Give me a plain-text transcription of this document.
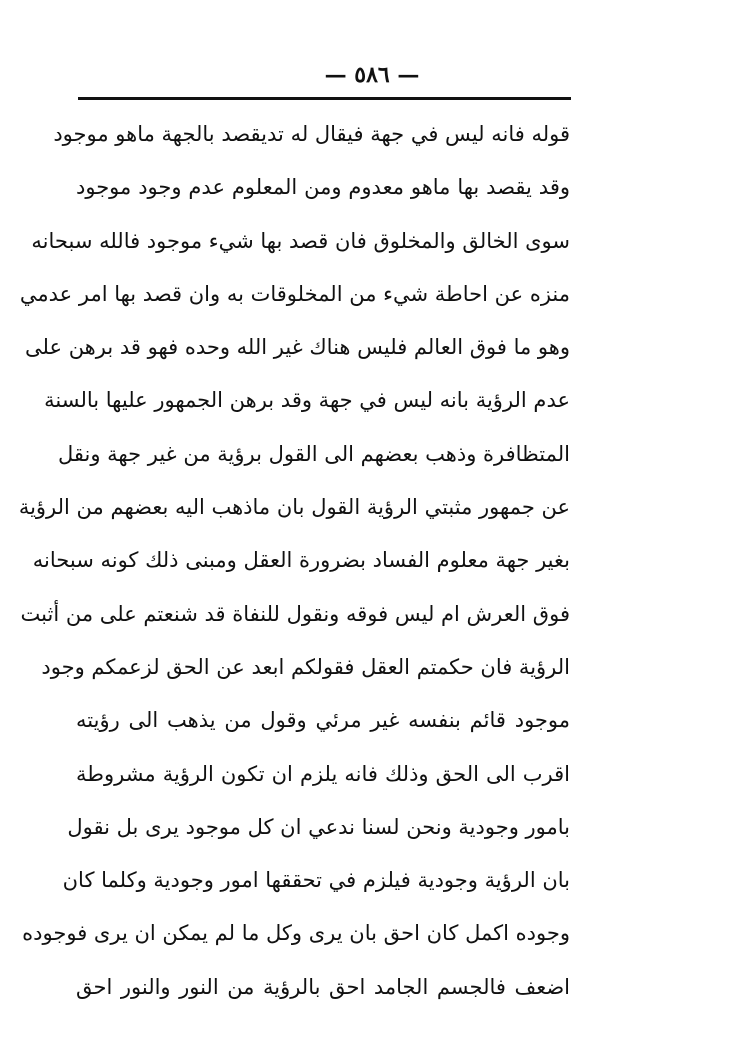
— ٥٨٦ —
قوله فانه ليس في جهة فيقال له تديقصد بالجهة ماهو موجود
وقد يقصد بها ماهو معدوم ومن المعلوم عدم وجود موجود
سوى الخالق والمخلوق فان قصد بها شيء موجود فالله سبحانه
منزه عن احاطة شيء من المخلوقات به وان قصد بها امر عدمي
وهو ما فوق العالم فليس هناك غير الله وحده فهو قد برهن على
عدم الرؤية بانه ليس في جهة وقد برهن الجمهور عليها بالسنة
المتظافرة وذهب بعضهم الى القول برؤية من غير جهة ونقل
عن جمهور مثبتي الرؤية القول بان ماذهب اليه بعضهم من الرؤية
بغير جهة معلوم الفساد بضرورة العقل ومبنى ذلك كونه سبحانه
فوق العرش ام ليس فوقه ونقول للنفاة قد شنعتم على من أثبت
الرؤية فان حكمتم العقل فقولكم ابعد عن الحق لزعمكم وجود
موجود قائم بنفسه غير مرئي وقول من يذهب الى رؤيته
اقرب الى الحق وذلك فانه يلزم ان تكون الرؤية مشروطة
بامور وجودية ونحن لسنا ندعي ان كل موجود يرى بل نقول
بان الرؤية وجودية فيلزم في تحققها امور وجودية وكلما كان
وجوده اكمل كان احق بان يرى وكل ما لم يمكن ان يرى فوجوده
اضعف فالجسم الجامد احق بالرؤية من النور والنور احق
